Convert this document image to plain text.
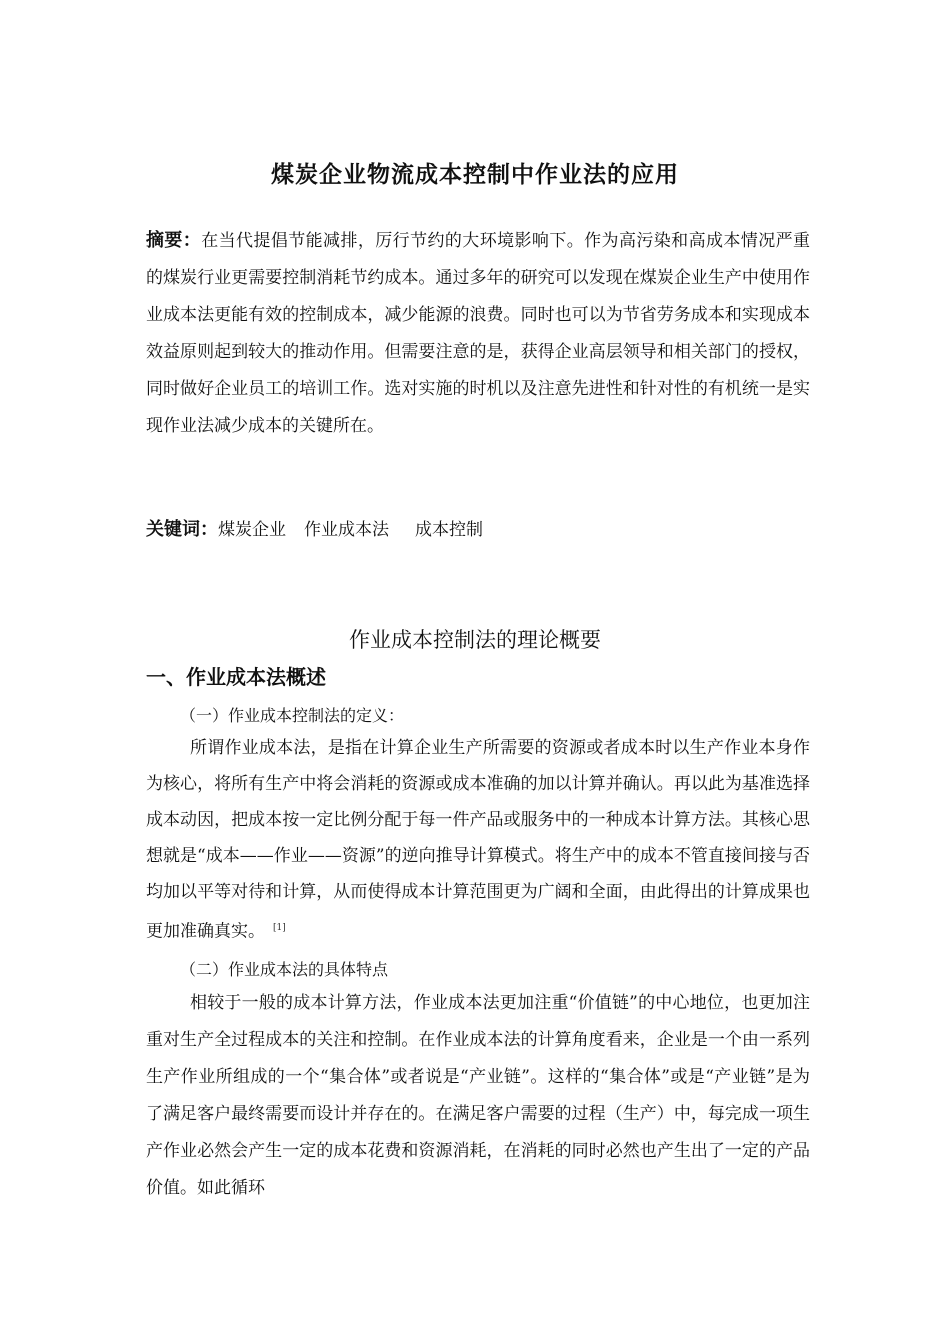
煤炭企业物流成本控制中作业法的应用
摘要：在当代提倡节能减排，厉行节约的大环境影响下。作为高污染和高成本情况严重的煤炭行业更需要控制消耗节约成本。通过多年的研究可以发现在煤炭企业生产中使用作业成本法更能有效的控制成本，减少能源的浪费。同时也可以为节省劳务成本和实现成本效益原则起到较大的推动作用。但需要注意的是，获得企业高层领导和相关部门的授权，同时做好企业员工的培训工作。选对实施的时机以及注意先进性和针对性的有机统一是实现作业法减少成本的关键所在。
关键词：煤炭企业 作业成本法 成本控制
作业成本控制法的理论概要
一、作业成本法概述
（一）作业成本控制法的定义：
所谓作业成本法，是指在计算企业生产所需要的资源或者成本时以生产作业本身作为核心，将所有生产中将会消耗的资源或成本准确的加以计算并确认。再以此为基准选择成本动因，把成本按一定比例分配于每一件产品或服务中的一种成本计算方法。其核心思想就是“成本——作业——资源”的逆向推导计算模式。将生产中的成本不管直接间接与否均加以平等对待和计算，从而使得成本计算范围更为广阔和全面，由此得出的计算成果也更加准确真实。 [1]
（二）作业成本法的具体特点
相较于一般的成本计算方法，作业成本法更加注重“价值链”的中心地位，也更加注重对生产全过程成本的关注和控制。在作业成本法的计算角度看来，企业是一个由一系列生产作业所组成的一个“集合体”或者说是“产业链”。这样的“集合体”或是“产业链”是为了满足客户最终需要而设计并存在的。在满足客户需要的过程（生产）中，每完成一项生产作业必然会产生一定的成本花费和资源消耗，在消耗的同时必然也产生出了一定的产品价值。如此循环
